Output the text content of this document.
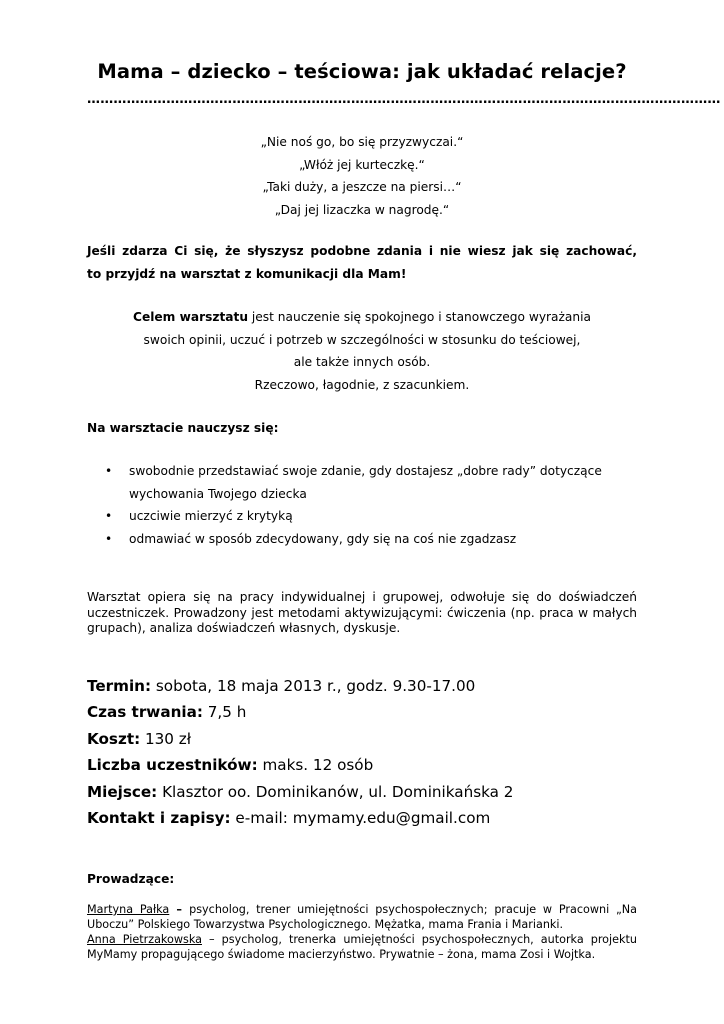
Mama – dziecko – teściowa: jak układać relacje?
………………………………………………………………………………………………………………………………
„Nie noś go, bo się przyzwyczai.“
„Włóż jej kurteczkę.“
„Taki duży, a jeszcze na piersi…“
„Daj jej lizaczka w nagrodę.“
Jeśli zdarza Ci się, że słyszysz podobne zdania i nie wiesz jak się zachować,
to przyjdź na warsztat z komunikacji dla Mam!
Celem warsztatu jest nauczenie się spokojnego i stanowczego wyrażania
swoich opinii, uczuć i potrzeb w szczególności w stosunku do teściowej,
ale także innych osób.
Rzeczowo, łagodnie, z szacunkiem.
Na warsztacie nauczysz się:
• swobodnie przedstawiać swoje zdanie, gdy dostajesz „dobre rady” dotyczące
wychowania Twojego dziecka
• uczciwie mierzyć z krytyką
• odmawiać w sposób zdecydowany, gdy się na coś nie zgadzasz
Warsztat opiera się na pracy indywidualnej i grupowej, odwołuje się do doświadczeń uczestniczek. Prowadzony jest metodami aktywizującymi: ćwiczenia (np. praca w małych grupach), analiza doświadczeń własnych, dyskusje.
Termin: sobota, 18 maja 2013 r., godz. 9.30-17.00
Czas trwania: 7,5 h
Koszt: 130 zł
Liczba uczestników: maks. 12 osób
Miejsce: Klasztor oo. Dominikanów, ul. Dominikańska 2
Kontakt i zapisy: e-mail: mymamy.edu@gmail.com
Prowadzące:
Martyna Pałka – psycholog, trener umiejętności psychospołecznych; pracuje w Pracowni „Na Uboczu” Polskiego Towarzystwa Psychologicznego. Mężatka, mama Frania i Marianki.
Anna Pietrzakowska – psycholog, trenerka umiejętności psychospołecznych, autorka projektu MyMamy propagującego świadome macierzyństwo. Prywatnie – żona, mama Zosi i Wojtka.
